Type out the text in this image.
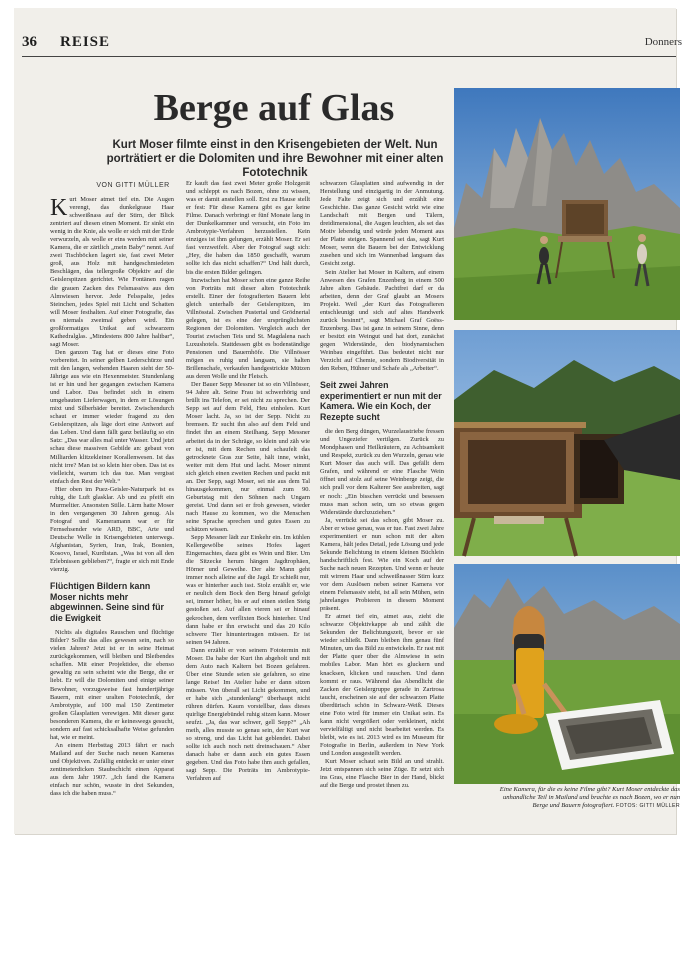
36 REISE	Donners
Berge auf Glas

Kurt Moser filmte einst in den Krisengebieten der Welt. Nun porträtiert er die Dolomiten und ihre Bewohner mit einer alten Fototechnik

VON GITTI MÜLLER

Kurt Moser atmet tief ein. Die Augen verengt, das dunkelgraue Haar schweißnass auf der Stirn, der Blick zentriert auf diesen einen Moment. Er sinkt ein wenig in die Knie, als wolle er sich mit der Erde verwurzeln, als wolle er eins werden mit seiner Kamera, die er zärtlich „mein Baby“ nennt. Auf zwei Tischböcken lagert sie, fast zwei Meter groß, aus Holz mit handgeschmiedeten Beschlägen, das tellergroße Objektiv auf die Geislerspitzen gerichtet. Wie Fontänen ragen die grauen Zacken des Felsmassivs aus den Almwiesen hervor. Jede Felsspalte, jedes Steinchen, jedes Spiel mit Licht und Schatten will Moser festhalten. Auf einer Fotografie, das es niemals zweimal geben wird. Ein großformatiges Unikat auf schwarzem Kathedralglas. „Mindestens 800 Jahre haltbar“, sagt Moser.

Den ganzen Tag hat er dieses eine Foto vorbereitet. In seiner gelben Lederschürze und mit den langen, wehenden Haaren sieht der 50-Jährige aus wie ein Hexenmeister. Stundenlang ist er hin und her gegangen zwischen Kamera und Labor. Das befindet sich in einem umgebauten Lieferwagen, in dem er Lösungen mixt und Silberbäder bereitet. Zwischendurch schaut er immer wieder fragend zu den Geislerspitzen, als läge dort eine Antwort auf das Leben. Und dann fällt ganz beiläufig so ein Satz: „Das war alles mal unter Wasser. Und jetzt schau diese massiven Gebilde an: gebaut von Milliarden klitzekleiner Korallenwesen. Ist das nicht irre? Man ist so klein hier oben. Das ist es vielleicht, warum ich das tue. Man vergisst einfach den Rest der Welt.“

Hier oben im Puez-Geisler-Naturpark ist es ruhig, die Luft glasklar. Ab und zu pfeift ein Murmeltier. Ansonsten Stille. Lärm hatte Moser in den vergangenen 30 Jahren genug. Als Fotograf und Kameramann war er für Fernsehsender wie ARD, BBC, Arte und Deutsche Welle in Krisengebieten unterwegs. Afghanistan, Syrien, Iran, Irak, Bosnien, Kosovo, Israel, Kurdistan. „Was ist von all den Erlebnissen geblieben?“, fragte er sich mit Ende vierzig.

Flüchtigen Bildern kann Moser nichts mehr abgewinnen. Seine sind für die Ewigkeit

Nichts als digitales Rauschen und flüchtige Bilder? Sollte das alles gewesen sein, nach so vielen Jahren? Jetzt ist er in seine Heimat zurückgekommen, will bleiben und Bleibendes schaffen. Mit einer Projektidee, die ebenso gewaltig zu sein scheint wie die Berge, die er liebt. Er will die Dolomiten und einige seiner Bewohner, vorzugsweise fast hundertjährige Bauern, mit einer uralten Fototechnik, der Ambrotypie, auf 100 mal 150 Zentimeter großen Glasplatten verewigen. Mit dieser ganz besonderen Kamera, die er keineswegs gesucht, sondern auf fast schicksalhafte Weise gefunden hat, wie er meint.

An einem Herbsttag 2013 fährt er nach Mailand auf der Suche nach neuen Kameras und Objektiven. Zufällig entdeckt er unter einer zentimeterdicken Staubschicht einen Apparat aus dem Jahr 1907. „Ich fand die Kamera einfach nur schön, wusste in drei Sekunden, dass ich die haben muss.“

Er kauft das fast zwei Meter große Holzgerät und schleppt es nach Bozen, ohne zu wissen, was er damit anstellen soll. Erst zu Hause stellt er fest: Für diese Kamera gibt es gar keine Filme. Danach verbringt er fünf Monate lang in der Dunkelkammer und versucht, ein Foto im Ambrotypie-Verfahren herzustellen. Kein einziges ist ihm gelungen, erzählt Moser. Er sei fast verzweifelt. Aber der Fotograf sagt sich: „Hey, die haben das 1850 geschafft, warum sollte ich das nicht schaffen?“ Und hält durch, bis die ersten Bilder gelingen.

Inzwischen hat Moser schon eine ganze Reihe von Porträts mit dieser alten Fototechnik erstellt. Einer der fotografierten Bauern lebt gleich unterhalb der Geislerspitzen, im Villnösstal. Zwischen Pustertal und Grödnertal gelegen, ist es eine der ursprünglichsten Regionen der Dolomiten. Vergleich auch der Tourist zwischen Teis und St. Magdalena nach Luxushotels. Stattdessen gibt es bodenständige Pensionen und Bauernhöfe. Die Villnösser mögen es ruhig und langsam, sie halten Brillenschafe, verkaufen handgestrickte Mützen aus deren Wolle und ihr Fleisch.

Der Bauer Sepp Messner ist so ein Villnösser, 94 Jahre alt. Seine Frau ist schwerhörig und brüllt ins Telefon, er sei nicht zu sprechen. Der Sepp sei auf dem Feld, Heu einholen. Kurt Moser lacht. Ja, so ist der Sepp. Nicht zu bremsen. Er sucht ihn also auf dem Feld und findet ihn an einem Steilhang. Sepp Messner arbeitet da in der Schräge, so klein und zäh wie er ist, mit dem Rechen und schaufelt das getrocknete Gras zur Seite, hält inne, winkt, weiter mit dem Hut und lacht. Moser nimmt sich gleich einen zweiten Rechen und packt mit an. Der Sepp, sagt Moser, sei nie aus dem Tal hinausgekommen, nur einmal zum 90. Geburtstag mit den Söhnen nach Ungarn gereist. Und dann sei er froh gewesen, wieder nach Hause zu kommen, wo die Menschen seine Sprache sprechen und gutes Essen zu schätzen wissen.

Sepp Messner lädt zur Einkehr ein. Im kühlen Kellergewölbe seines Hofes lagert Eingemachtes, dazu gibt es Wein und Bier. Um die Sitzecke herum hängen Jagdtrophäen, Hörner und Geweihe. Der alte Mann geht immer noch alleine auf die Jagd. Er schießt nur, was er hinterher auch isst. Stolz erzählt er, wie er neulich dem Bock den Berg hinauf gefolgt sei, immer höher, bis er auf einen steilen Steig gestoßen sei. Auf allen vieren sei er hinauf gekrochen, dem verflixten Bock hinterher. Und dann habe er ihn erwischt und das 20 Kilo schwere Tier hinuntertragen müssen. Er ist seinen 94 Jahren.

Dann erzählt er von seinem Fototermin mit Moser. Da habe der Kurt ihn abgeholt und mit dem Auto nach Kaltern bei Bozen gefahren. Über eine Stunde seien sie gefahren, so eine lange Reise! Im Atelier habe er dann sitzen müssen. Von überall sei Licht gekommen, und er habe sich „stundenlang“ überhaupt nicht rühren dürfen. Kaum vorstellbar, dass dieses quirlige Energiebündel ruhig sitzen kann. Moser seufzt. „Ja, das war schwer, gell Sepp?“ „Ah meih, alles musste so genau sein, der Kurt war so streng, und das Licht hat geblendet. Dabei sollte ich auch noch nett dreinschauen.“ Aber danach habe er dann auch ein gutes Essen gegeben. Und das Foto habe ihm auch gefallen, sagt Sepp. Die Porträts im Ambrotypie-Verfahren auf

schwarzen Glasplatten sind aufwendig in der Herstellung und einzigartig in der Anmutung. Jede Falte zeigt sich und erzählt eine Geschichte. Das ganze Gesicht wirkt wie eine Landschaft mit Bergen und Tälern, dreidimensional, die Augen leuchten, als sei das Motiv lebendig und würde jeden Moment aus der Platte steigen. Spannend sei das, sagt Kurt Moser, wenn die Bauern bei der Entwicklung zusehen und sich im Wannenbad langsam das Gesicht zeigt.

Sein Atelier hat Moser in Kaltern, auf einem Anwesen des Grafen Enzenberg in einem 500 Jahre alten Gebäude. Pachtfrei darf er da arbeiten, denn der Graf glaubt an Mosers Projekt. Weil „der Kurt das Fotografieren entschleunigt und sich auf altes Handwerk zurück besinnt“, sagt Michael Graf Goëss-Enzenberg. Das ist ganz in seinem Sinne, denn er besitzt ein Weingut und hat dort, zunächst gegen Widerstände, den biodynamischen Weinbau eingeführt. Das bedeutet nicht nur Verzicht auf Chemie, sondern Biodiversität in den Reben, Hühner und Schafe als „Arbeiter“.

Seit zwei Jahren experimentiert er nun mit der Kamera. Wie ein Koch, der Rezepte sucht

die den Berg düngen, Wurzelaustriebe fressen und Ungeziefer vertilgen. Zurück zu Mondphasen und Heilkräutern, zu Achtsamkeit und Respekt, zurück zu den Wurzeln, genau wie Kurt Moser das auch will. Das gefällt dem Grafen, und während er eine Flasche Wein öffnet und stolz auf seine Weinberge zeigt, die sich prall vor dem Kalterer See ausbreiten, sagt er noch: „Ein bisschen verrückt und besessen muss man schon sein, um so etwas gegen Widerstände durchzuziehen.“

Ja, verrückt sei das schon, gibt Moser zu. Aber er wisse genau, was er tue. Fast zwei Jahre experimentiert er nun schon mit der alten Kamera, hält jedes Detail, jede Lösung und jede Sekunde Belichtung in einem kleinen Büchlein handschriftlich fest. Wie ein Koch auf der Suche nach neuen Rezepten. Und wenn er heute mit wirrem Haar und schweißnasser Stirn kurz vor dem Auslösen neben seiner Kamera vor einem Felsmassiv steht, ist all sein Mühen, sein jahrelanges Probieren in diesem Moment präsent.

Er atmet tief ein, atmet aus, zieht die schwarze Objektivkappe ab und zählt die Sekunden der Belichtungszeit, bevor er sie wieder schließt. Dann bleiben ihm genau fünf Minuten, um das Bild zu entwickeln. Er rast mit der Platte quer über die Almwiese in sein mobiles Labor. Man hört es gluckern und knacksen, klicken und rauschen. Und dann kommt er raus. Während das Abendlicht die Zacken der Geislergruppe gerade in Zartrosa taucht, erscheinen sie auf der schwarzen Platte überdürisch schön in Schwarz-Weiß. Dieses eine Foto wird für immer ein Unikat sein. Es kann nicht vergrößert oder verkleinert, nicht vervielfältigt und nicht bearbeitet werden. Es bleibt, wie es ist. 2013 wird es im Museum für Fotografie in Berlin, außerdem in New York und London ausgestellt werden.

Kurt Moser schaut sein Bild an und strahlt. Jetzt entspannen sich seine Züge. Er setzt sich ins Gras, eine Flasche Bier in der Hand, blickt auf die Berge und prostet ihnen zu.

Eine Kamera, für die es keine Filme gibt? Kurt Moser entdeckte das unhandliche Teil in Mailand und brachte es nach Bozen, wo er nun Berge und Bauern fotografiert. FOTOS: GITTI MÜLLER
